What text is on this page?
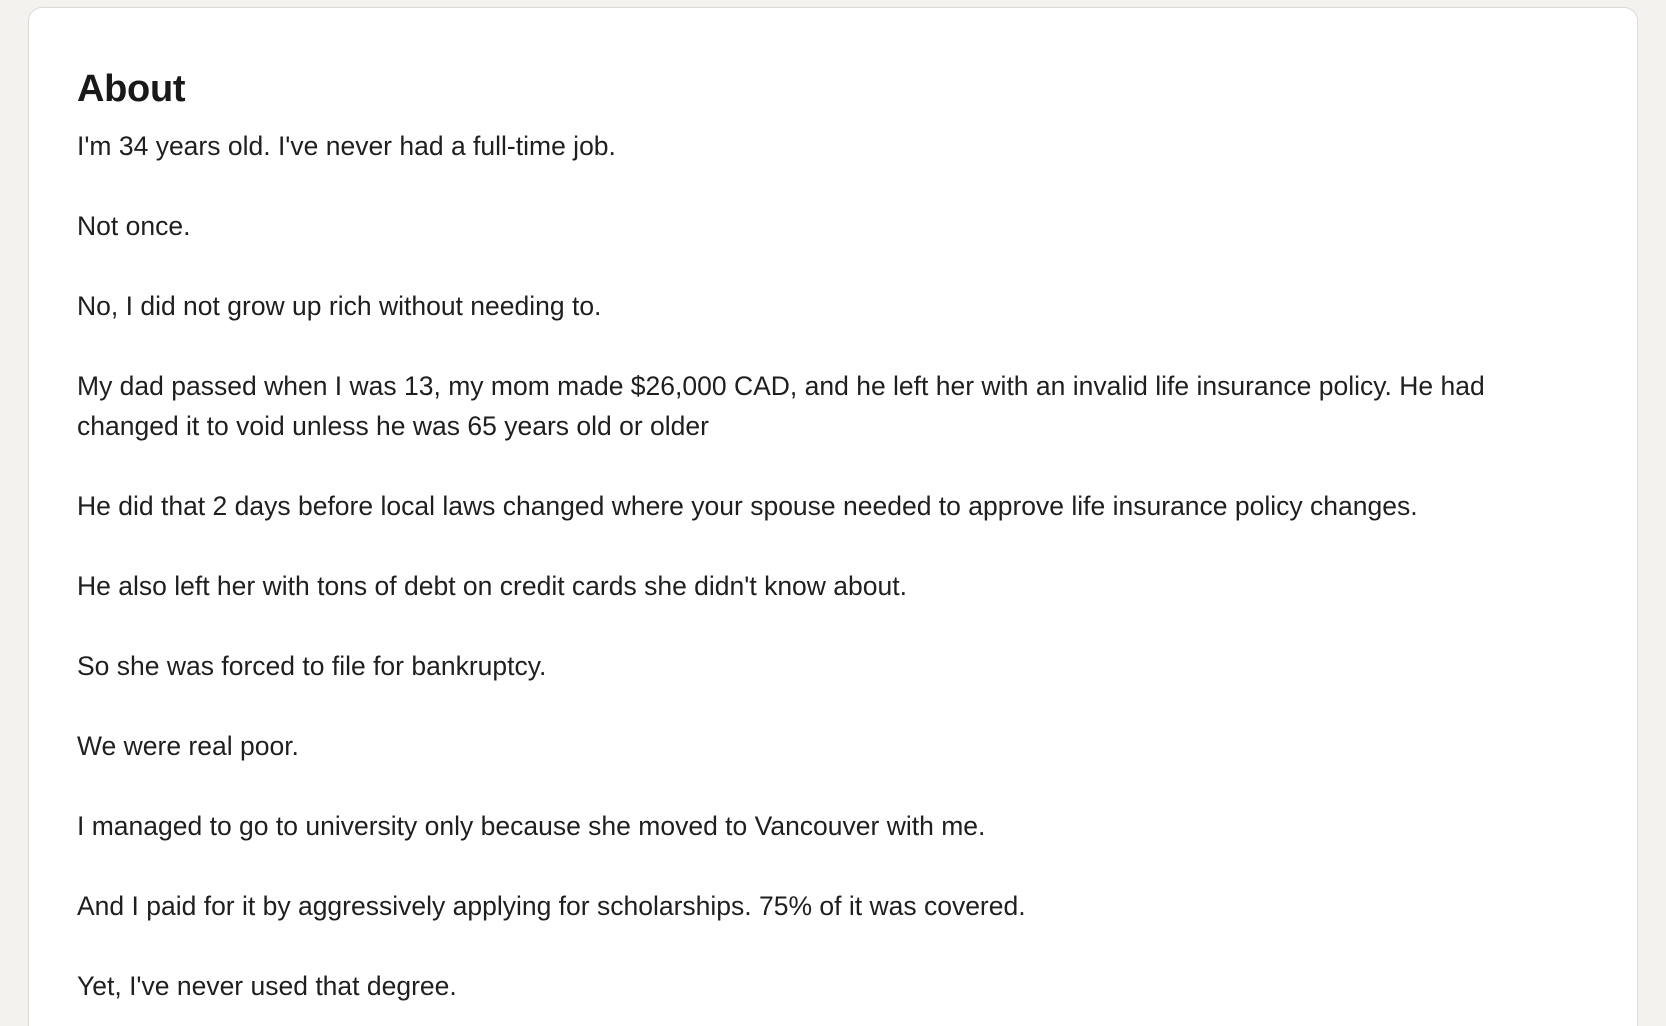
About

I'm 34 years old. I've never had a full-time job.

Not once.

No, I did not grow up rich without needing to.

My dad passed when I was 13, my mom made $26,000 CAD, and he left her with an invalid life insurance policy. He had changed it to void unless he was 65 years old or older

He did that 2 days before local laws changed where your spouse needed to approve life insurance policy changes.

He also left her with tons of debt on credit cards she didn't know about.

So she was forced to file for bankruptcy.

We were real poor.

I managed to go to university only because she moved to Vancouver with me.

And I paid for it by aggressively applying for scholarships. 75% of it was covered.

Yet, I've never used that degree.
